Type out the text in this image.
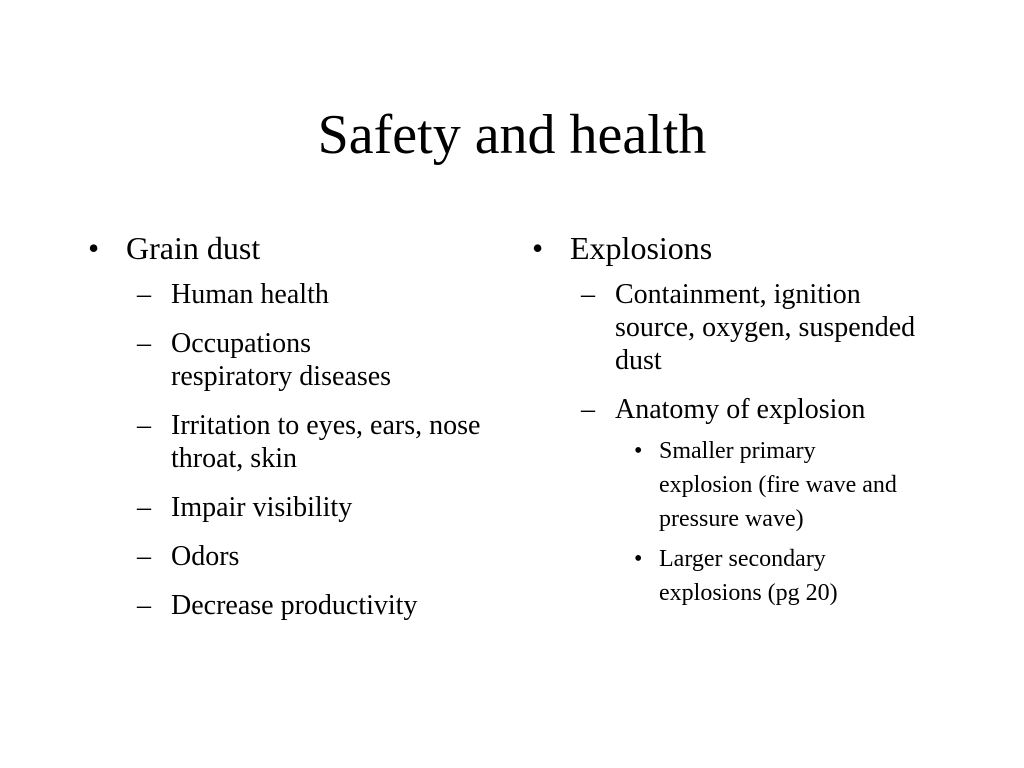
Safety and health
• Grain dust
– Human health
– Occupations respiratory diseases
– Irritation to eyes, ears, nose throat, skin
– Impair visibility
– Odors
– Decrease productivity
• Explosions
– Containment, ignition source, oxygen, suspended dust
– Anatomy of explosion
• Smaller primary explosion (fire wave and pressure wave)
• Larger secondary explosions (pg 20)
